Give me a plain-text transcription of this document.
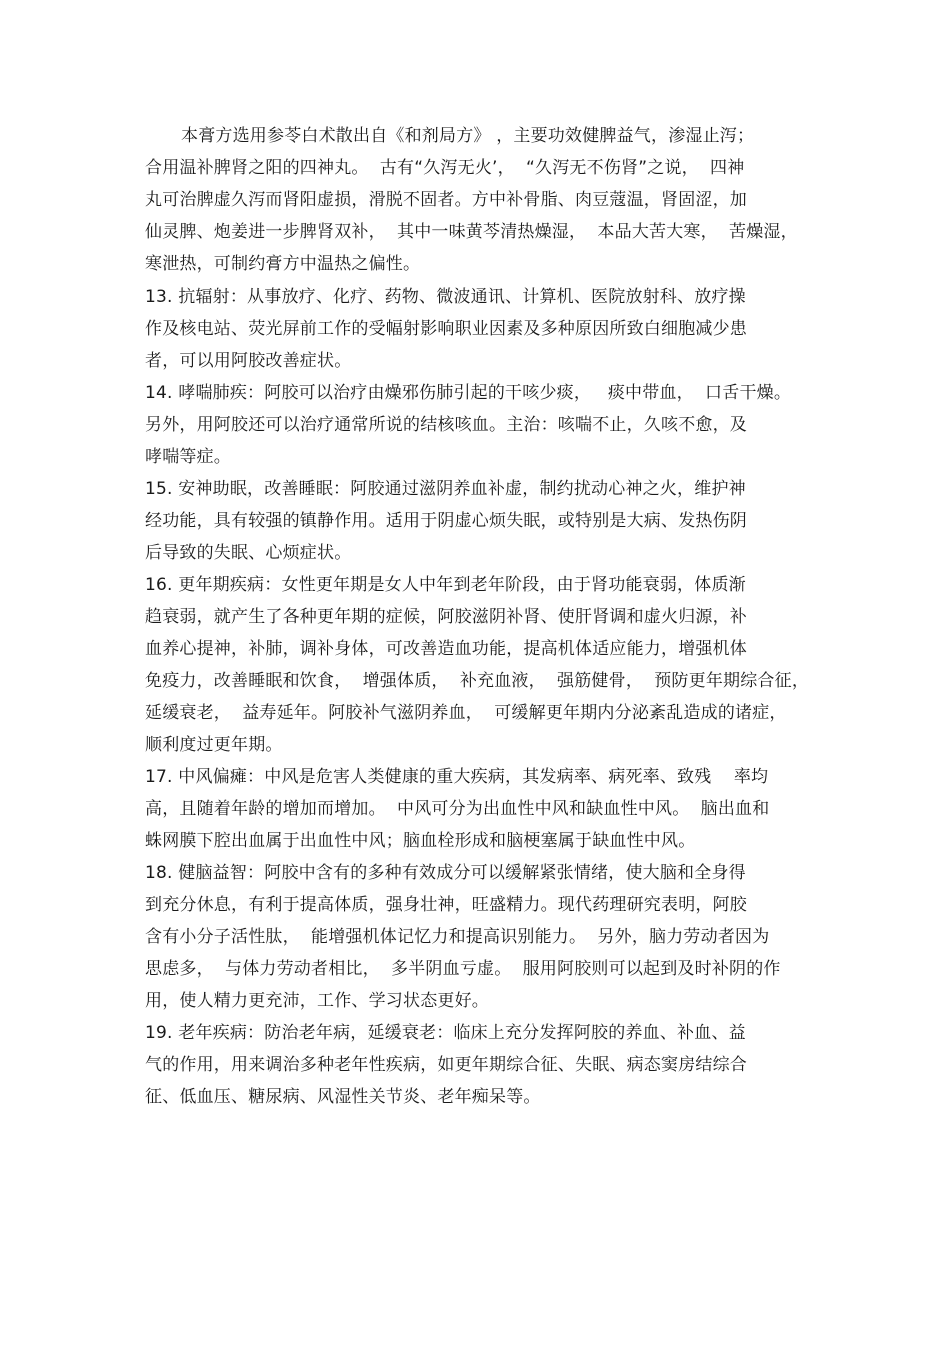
本膏方选用参苓白术散出自《和剂局方》 ，主要功效健脾益气，渗湿止泻；
合用温补脾肾之阳的四神丸。  古有“久泻无火’，  “久泻无不伤肾”之说，  四神
丸可治脾虚久泻而肾阳虚损，滑脱不固者。方中补骨脂、肉豆蔻温，肾固涩，加
仙灵脾、炮姜进一步脾肾双补，  其中一味黄芩清热燥湿，  本品大苦大寒，  苦燥湿，
寒泄热，可制约膏方中温热之偏性。
13. 抗辐射：从事放疗、化疗、药物、微波通讯、计算机、医院放射科、放疗操
作及核电站、荧光屏前工作的受幅射影响职业因素及多种原因所致白细胞减少患
者，可以用阿胶改善症状。
14. 哮喘肺疾：阿胶可以治疗由燥邪伤肺引起的干咳少痰，   痰中带血，  口舌干燥。
另外，用阿胶还可以治疗通常所说的结核咳血。主治：咳喘不止，久咳不愈，及
哮喘等症。
15. 安神助眠，改善睡眠：阿胶通过滋阴养血补虚，制约扰动心神之火，维护神
经功能，具有较强的镇静作用。适用于阴虚心烦失眠，或特别是大病、发热伤阴
后导致的失眠、心烦症状。
16. 更年期疾病：女性更年期是女人中年到老年阶段，由于肾功能衰弱，体质渐
趋衰弱，就产生了各种更年期的症候，阿胶滋阴补肾、使肝肾调和虚火归源，补
血养心提神，补肺，调补身体，可改善造血功能，提高机体适应能力，增强机体
免疫力，改善睡眠和饮食，  增强体质，  补充血液，  强筋健骨，  预防更年期综合征，
延缓衰老，  益寿延年。阿胶补气滋阴养血，  可缓解更年期内分泌紊乱造成的诸症，
顺利度过更年期。
17. 中风偏瘫：中风是危害人类健康的重大疾病，其发病率、病死率、致残    率均
高，且随着年龄的增加而增加。  中风可分为出血性中风和缺血性中风。  脑出血和
蛛网膜下腔出血属于出血性中风；脑血栓形成和脑梗塞属于缺血性中风。
18. 健脑益智：阿胶中含有的多种有效成分可以缓解紧张情绪，使大脑和全身得
到充分休息，有利于提高体质，强身壮神，旺盛精力。现代药理研究表明，阿胶
含有小分子活性肽，  能增强机体记忆力和提高识别能力。  另外，脑力劳动者因为
思虑多，  与体力劳动者相比，  多半阴血亏虚。  服用阿胶则可以起到及时补阴的作
用，使人精力更充沛，工作、学习状态更好。
19. 老年疾病：防治老年病，延缓衰老：临床上充分发挥阿胶的养血、补血、益
气的作用，用来调治多种老年性疾病，如更年期综合征、失眠、病态窦房结综合
征、低血压、糖尿病、风湿性关节炎、老年痴呆等。
